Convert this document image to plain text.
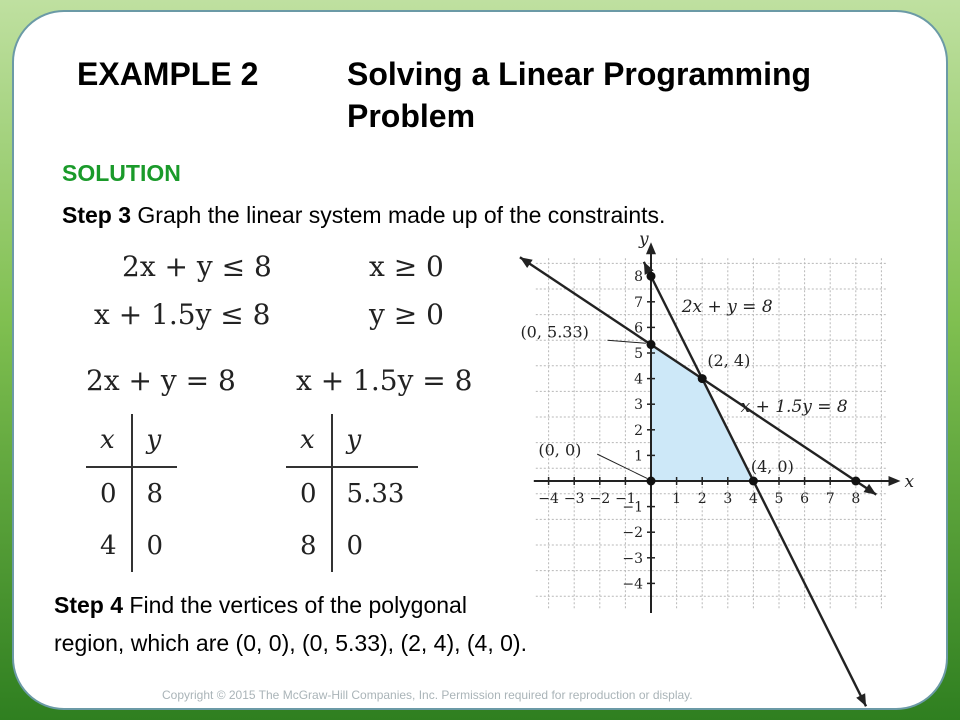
EXAMPLE 2	Solving a Linear Programming
Problem
SOLUTION
Step 3 Graph the linear system made up of the constraints.
2x + y ≤ 8	x ≥ 0
x + 1.5y ≤ 8	y ≥ 0
2x + y = 8 x + 1.5y = 8
x	y
0	8
4	0
x	y
0	5.33
8	0
x
y
−4
−4
−3
−3
−2
−2
−1
−1
1
1
2
2
3
3
4
4
5
5
6
6
7
7
8
8
2x + y = 8
x + 1.5y = 8
(0, 5.33)
(2, 4)
(0, 0)
(4, 0)
Step 4 Find the vertices of the polygonal
region, which are (0, 0), (0, 5.33), (2, 4), (4, 0).
Copyright © 2015 The McGraw-Hill Companies, Inc. Permission required for reproduction or display.
